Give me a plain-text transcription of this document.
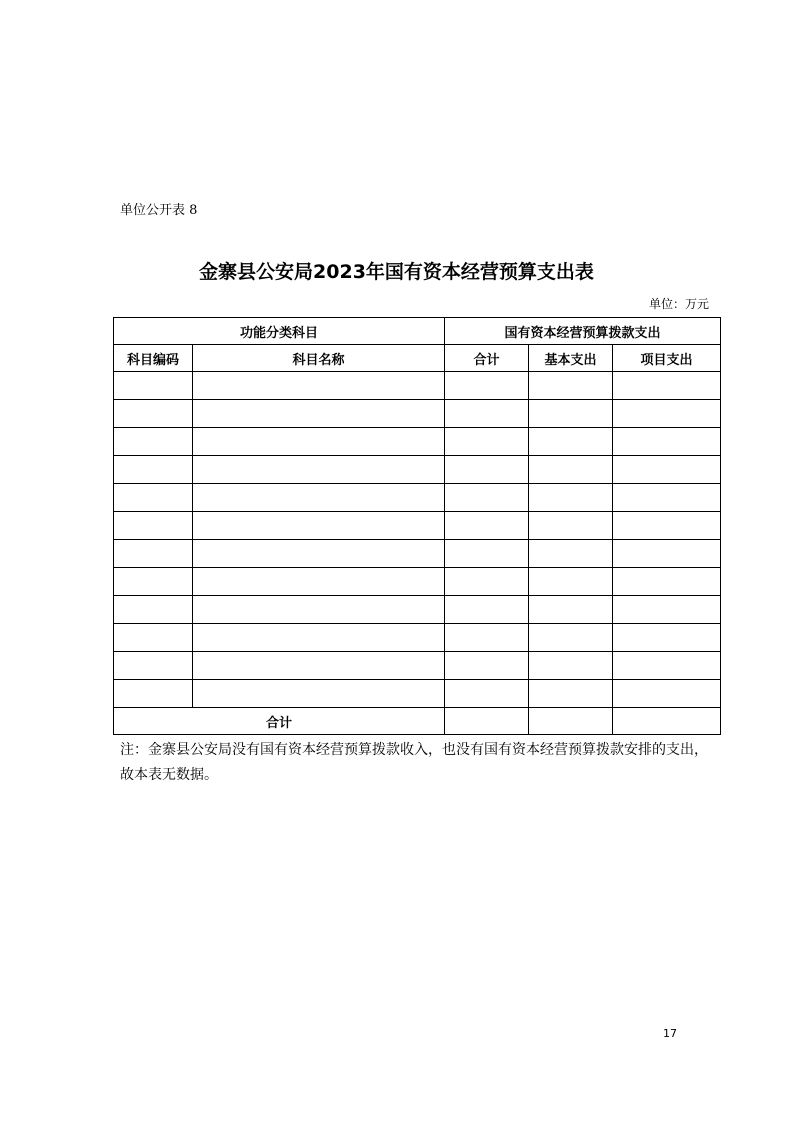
单位公开表 8
金寨县公安局2023年国有资本经营预算支出表
单位：万元
功能分类科目		国有资本经营预算拨款支出		
科目编码	科目名称	合计	基本支出	项目支出

合计				
注：金寨县公安局没有国有资本经营预算拨款收入，也没有国有资本经营预算拨款安排的支出，故本表无数据。
17
